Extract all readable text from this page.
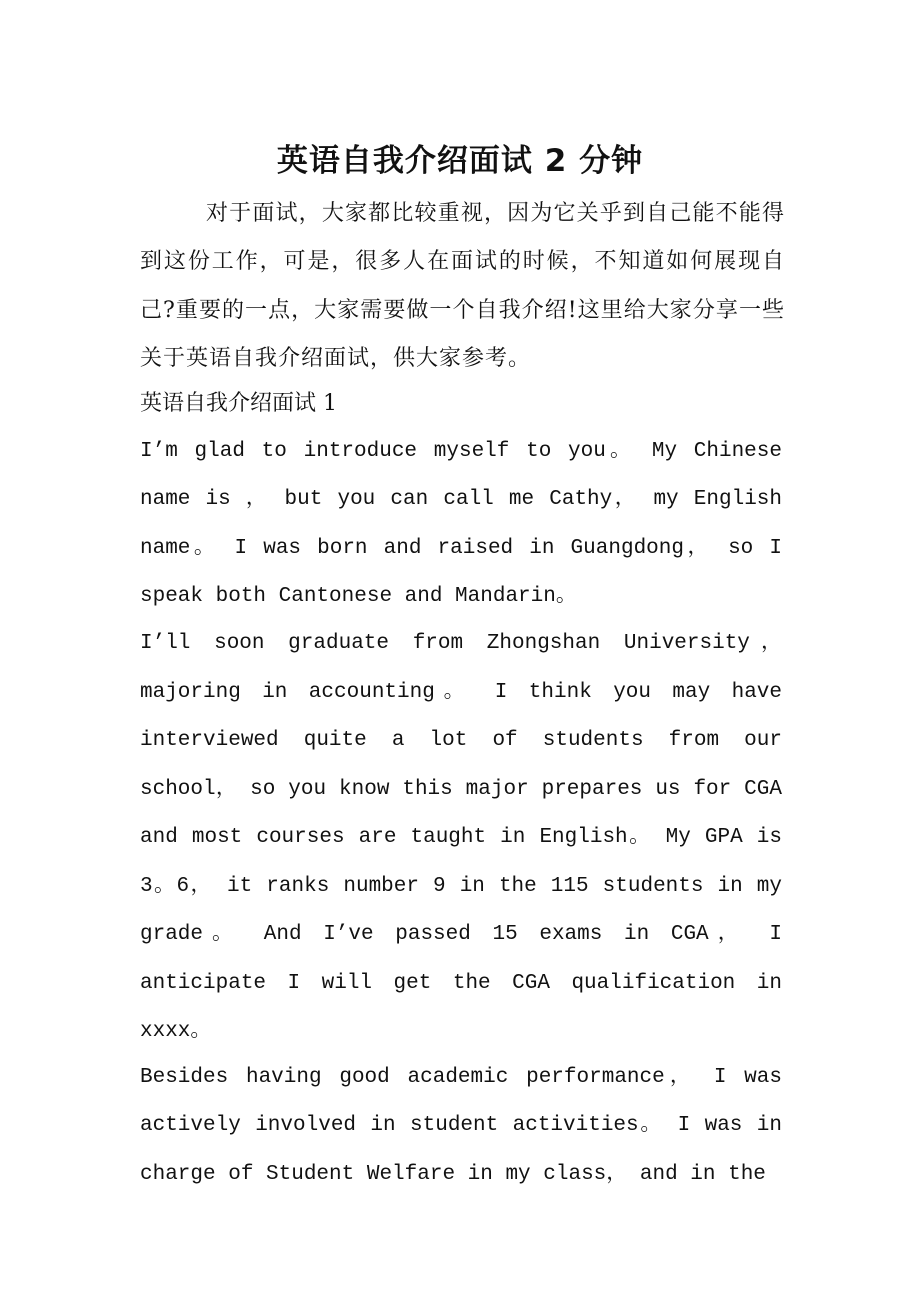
英语自我介绍面试 2 分钟

对于面试，大家都比较重视，因为它关乎到自己能不能得到这份工作，可是，很多人在面试的时候，不知道如何展现自己?重要的一点，大家需要做一个自我介绍!这里给大家分享一些关于英语自我介绍面试，供大家参考。

英语自我介绍面试 1

I’m glad to introduce myself to you。 My Chinese name is ， but you can call me Cathy， my English name。 I was born and raised in Guangdong， so I speak both Cantonese and Mandarin。

I’ll soon graduate from Zhongshan University， majoring in accounting。 I think you may have interviewed quite a lot of students from our school， so you know this major prepares us for CGA and most courses are taught in English。 My GPA is 3。6， it ranks number 9 in the 115 students in my grade。 And I’ve passed 15 exams in CGA， I anticipate I will get the CGA qualification in xxxx。

Besides having good academic performance， I was actively involved in student activities。 I was in charge of Student Welfare in my class， and in the
